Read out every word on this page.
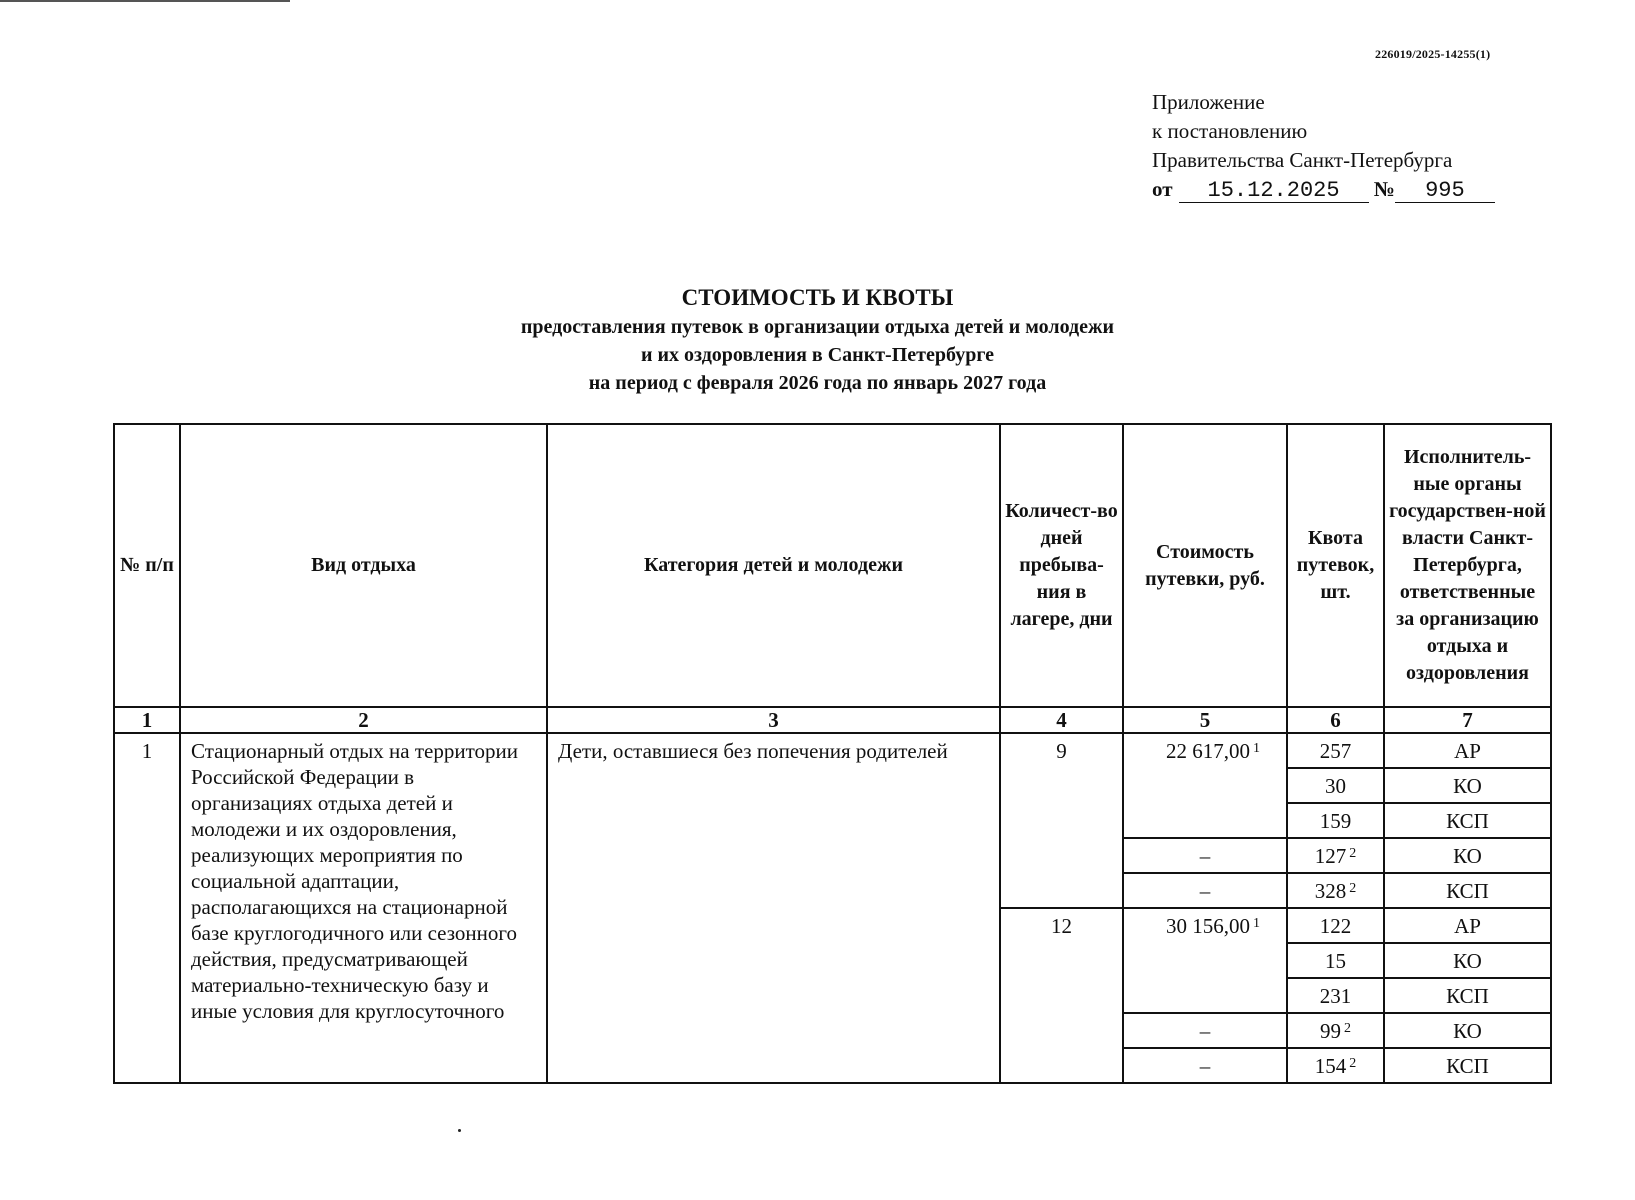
226019/2025-14255(1)
Приложение
к постановлению
Правительства Санкт-Петербурга
от 15.12.2025 № 995
СТОИМОСТЬ И КВОТЫ
предоставления путевок в организации отдыха детей и молодежи
и их оздоровления в Санкт-Петербурге
на период с февраля 2026 года по январь 2027 года
№ п/п	Вид отдыха	Категория детей и молодежи	Количест-во дней пребыва-ния в лагере, дни	Стоимость путевки, руб.	Квота путевок, шт.	Исполнитель-ные органы государствен-ной власти Санкт-Петербурга, ответственные за организацию отдыха и оздоровления
1	2	3	4	5	6	7
1	Стационарный отдых на территории Российской Федерации в организациях отдыха детей и молодежи и их оздоровления, реализующих мероприятия по социальной адаптации, располагающихся на стационарной базе круглогодичного или сезонного действия, предусматривающей материально-техническую базу и иные условия для круглосуточного	Дети, оставшиеся без попечения родителей	9	22 617,00 $^1$	257	АР
					30	КО
					159	КСП
				–	127 $^2$	КО
				–	328 $^2$	КСП
			12	30 156,00 $^1$	122	АР
					15	КО
					231	КСП
				–	99 $^2$	КО
				–	154 $^2$	КСП
